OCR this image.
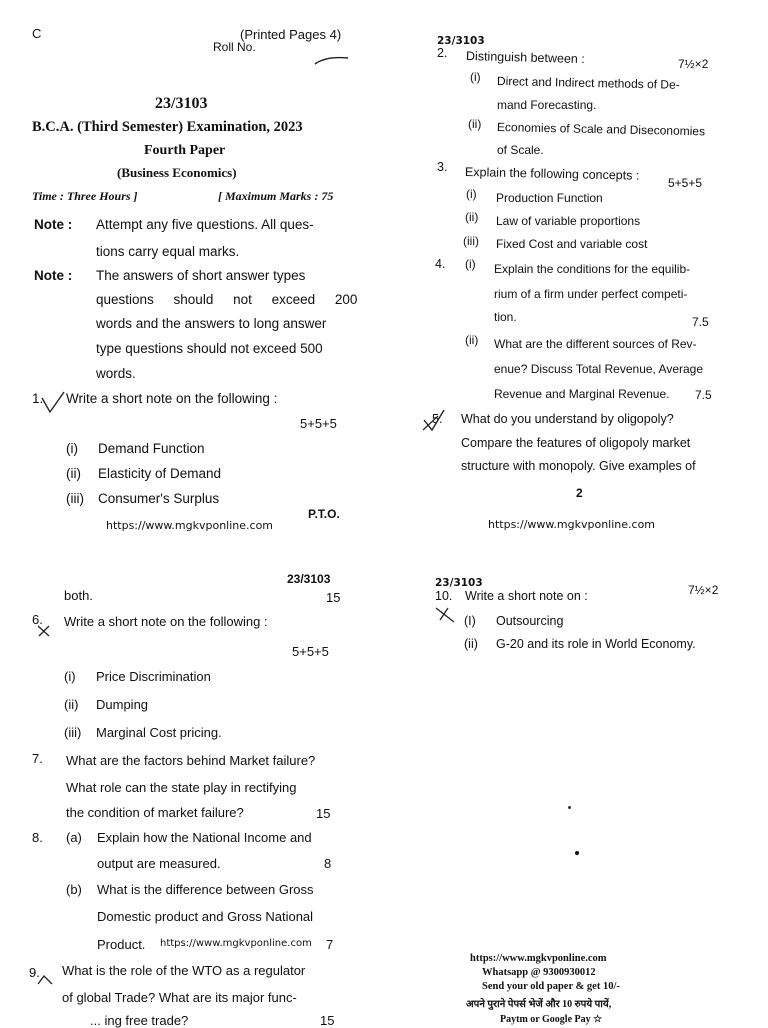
C	(Printed Pages 4)
Roll No.
23/3103
B.C.A. (Third Semester) Examination, 2023
Fourth Paper
(Business Economics)
Time : Three Hours ]	[ Maximum Marks : 75
Note : Attempt any five questions. All ques-
tions carry equal marks.
Note : The answers of short answer types
questions should not exceed 200
words and the answers to long answer
type questions should not exceed 500
words.
1. Write a short note on the following :
5+5+5
(i) Demand Function
(ii) Elasticity of Demand
(iii) Consumer's Surplus
P.T.O.
https://www.mgkvponline.com
23/3103
2. Distinguish between :	7½×2
(i) Direct and Indirect methods of De-
mand Forecasting.
(ii) Economies of Scale and Diseconomies
of Scale.
3. Explain the following concepts :
5+5+5
(i) Production Function
(ii) Law of variable proportions
(iii) Fixed Cost and variable cost
4. (i) Explain the conditions for the equilib-
rium of a firm under perfect competi-
tion.	7.5
(ii) What are the different sources of Rev-
enue? Discuss Total Revenue, Average
Revenue and Marginal Revenue. 7.5
5. What do you understand by oligopoly?
Compare the features of oligopoly market
structure with monopoly. Give examples of
2
https://www.mgkvponline.com
23/3103
both.	15
6. Write a short note on the following :
5+5+5
(i) Price Discrimination
(ii) Dumping
(iii) Marginal Cost pricing.
7. What are the factors behind Market failure?
What role can the state play in rectifying
the condition of market failure?	15
8. (a) Explain how the National Income and
output are measured.	8
(b) What is the difference between Gross
Domestic product and Gross National
Product. https://www.mgkvponline.com 7
9. What is the role of the WTO as a regulator
of global Trade? What are its major func-
... ing free trade?	15
23/3103
10. Write a short note on :	7½×2
(I) Outsourcing
(ii) G-20 and its role in World Economy.
https://www.mgkvponline.com
Whatsapp @ 9300930012
Send your old paper & get 10/-
अपने पुराने पेपर्स भेजें और 10 रुपये पायें,
Paytm or Google Pay ☆
